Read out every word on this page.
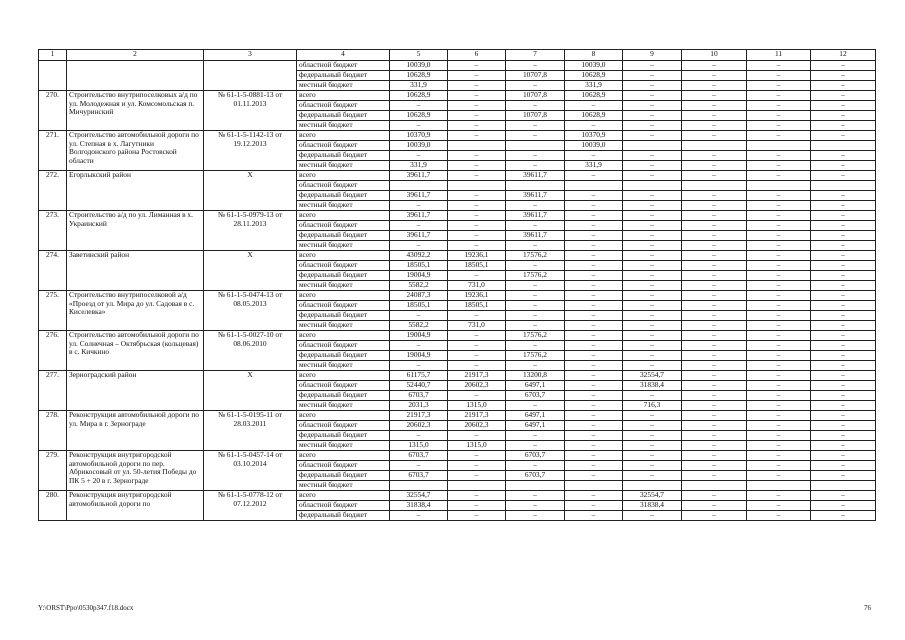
1	2	3	4	5	6	7	8	9	10	11	12
			областной бюджет	10039,0	–	–	10039,0	–	–	–	–
			федеральный бюджет	10628,9	–	10707,8	10628,9	–	–	–	–
			местный бюджет	331,9	–	–	331,9	–	–	–	–
270.	Строительство внутрипоселковых а/д по ул. Молодежная и ул. Комсомольская п. Мичуринский	№ 61-1-5-0881-13 от 01.11.2013	всего	10628,9	–	10707,8	10628,9	–	–	–	–
			областной бюджет	–	–	–	–	–	–	–	–
			федеральный бюджет	10628,9	–	10707,8	10628,9	–	–	–	–
			местный бюджет	–	–	–	–	–	–	–	–
271.	Строительство автомобильной дороги по ул. Степная в х. Лагутники Волгодонского района Ростовской области	№ 61-1-5-1142-13 от 19.12.2013	всего	10370,9	–	–	10370,9	–	–	–	–
			областной бюджет	10039,0			10039,0				
			федеральный бюджет	–	–	–	–	–	–	–	–
			местный бюджет	331,9	–	–	331,9	–	–	–	–
272.	Егорлыкский район	Х	всего	39611,7	–	39611,7	–	–	–	–	–
			областной бюджет								
			федеральный бюджет	39611,7	–	39611,7	–	–	–	–	–
			местный бюджет	–	–	–	–	–	–	–	–
273.	Строительство а/д по ул. Лиманная в х. Украинский	№ 61-1-5-0979-13 от 28.11.2013	всего	39611,7	–	39611,7	–	–	–	–	–
			областной бюджет	–	–	–	–	–	–	–	–
			федеральный бюджет	39611,7	–	39611,7	–	–	–	–	–
			местный бюджет	–	–	–	–	–	–	–	–
274.	Заветинский район	Х	всего	43092,2	19236,1	17576,2	–	–	–	–	–
			областной бюджет	18505,1	18505,1	–	–	–	–	–	–
			федеральный бюджет	19004,9	–	17576,2	–	–	–	–	–
			местный бюджет	5582,2	731,0	–	–	–	–	–	–
275.	Строительство внутрипоселковой а/д «Проезд от ул. Мира до ул. Садовая в с. Киселевка»	№ 61-1-5-0474-13 от 08.05.2013	всего	24087,3	19236,1	–	–	–	–	–	–
			областной бюджет	18505,1	18505,1	–	–	–	–	–	–
			федеральный бюджет	–	–	–	–	–	–	–	–
			местный бюджет	5582,2	731,0	–	–	–	–	–	–
276.	Строительство автомобильной дороги по ул. Солнечная – Октябрьская (кольцевая) в с. Кичкино	№ 61-1-5-0027-10 от 08.06.2010	всего	19004,9	–	17576,2	–	–	–	–	–
			областной бюджет	–	–	–	–	–	–	–	–
			федеральный бюджет	19004,9	–	17576,2	–	–	–	–	–
			местный бюджет	–	–	–	–	–	–	–	–
277.	Зерноградский район	Х	всего	61175,7	21917,3	13200,8	–	32554,7	–	–	–
			областной бюджет	52440,7	20602,3	6497,1	–	31838,4	–	–	–
			федеральный бюджет	6703,7	–	6703,7	–	–	–	–	–
			местный бюджет	2031,3	1315,0	–	–	716,3	–	–	–
278.	Реконструкция автомобильной дороги по ул. Мира в г. Зернограде	№ 61-1-5-0195-11 от 28.03.2011	всего	21917,3	21917,3	6497,1	–	–	–	–	–
			областной бюджет	20602,3	20602,3	6497,1	–	–	–	–	–
			федеральный бюджет	–	–	–	–	–	–	–	–
			местный бюджет	1315,0	1315,0	–	–	–	–	–	–
279.	Реконструкция внутригородской автомобильной дороги по пер. Абрикосовый от ул. 50-летия Победы до ПК 5 + 20 в г. Зернограде	№ 61-1-5-0457-14 от 03.10.2014	всего	6703,7	–	6703,7	–	–	–	–	–
			областной бюджет	–	–	–	–	–	–	–	–
			федеральный бюджет	6703,7	–	6703,7	–	–	–	–	–
			местный бюджет								
280.	Реконструкция внутригородской автомобильной дороги по	№ 61-1-5-0778-12 от 07.12.2012	всего	32554,7	–	–	–	32554,7	–	–	–
			областной бюджет	31838,4	–	–	–	31838,4	–	–	–
			федеральный бюджет	–	–	–	–	–	–	–	–
Y:\ORST\Ppo\0530p347.f18.docx	76
